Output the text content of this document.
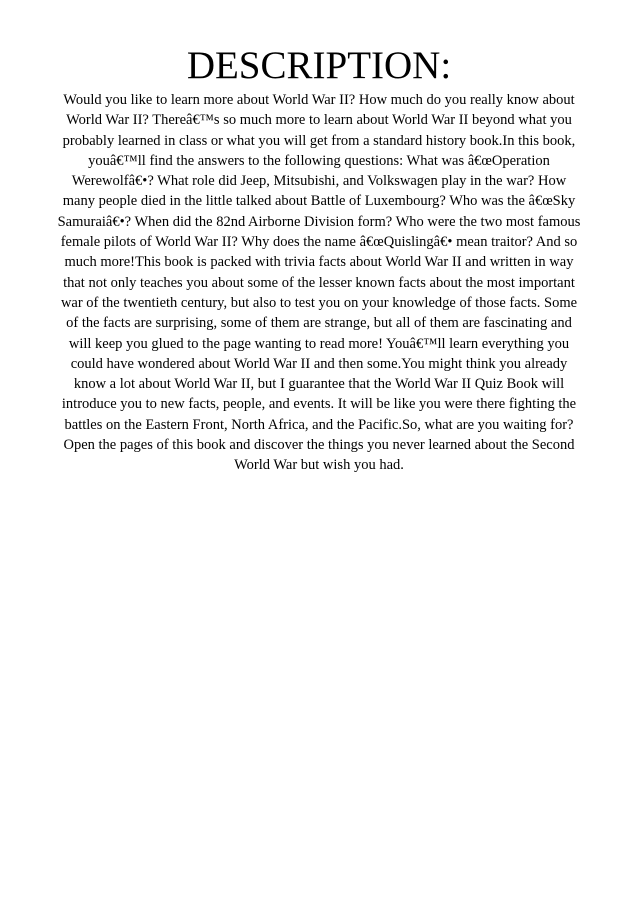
DESCRIPTION:
Would you like to learn more about World War II? How much do you really know about
World War II? Thereâ€™s so much more to learn about World War II beyond what you
probably learned in class or what you will get from a standard history book.In this book,
youâ€™ll find the answers to the following questions: What was â€œOperation
Werewolfâ€•? What role did Jeep, Mitsubishi, and Volkswagen play in the war? How
many people died in the little talked about Battle of Luxembourg? Who was the â€œSky
Samuraiâ€•? When did the 82nd Airborne Division form? Who were the two most famous
female pilots of World War II? Why does the name â€œQuislingâ€• mean traitor? And so
much more!This book is packed with trivia facts about World War II and written in way
that not only teaches you about some of the lesser known facts about the most important
war of the twentieth century, but also to test you on your knowledge of those facts. Some
of the facts are surprising, some of them are strange, but all of them are fascinating and
will keep you glued to the page wanting to read more! Youâ€™ll learn everything you
could have wondered about World War II and then some.You might think you already
know a lot about World War II, but I guarantee that the World War II Quiz Book will
introduce you to new facts, people, and events. It will be like you were there fighting the
battles on the Eastern Front, North Africa, and the Pacific.So, what are you waiting for?
Open the pages of this book and discover the things you never learned about the Second
World War but wish you had.
